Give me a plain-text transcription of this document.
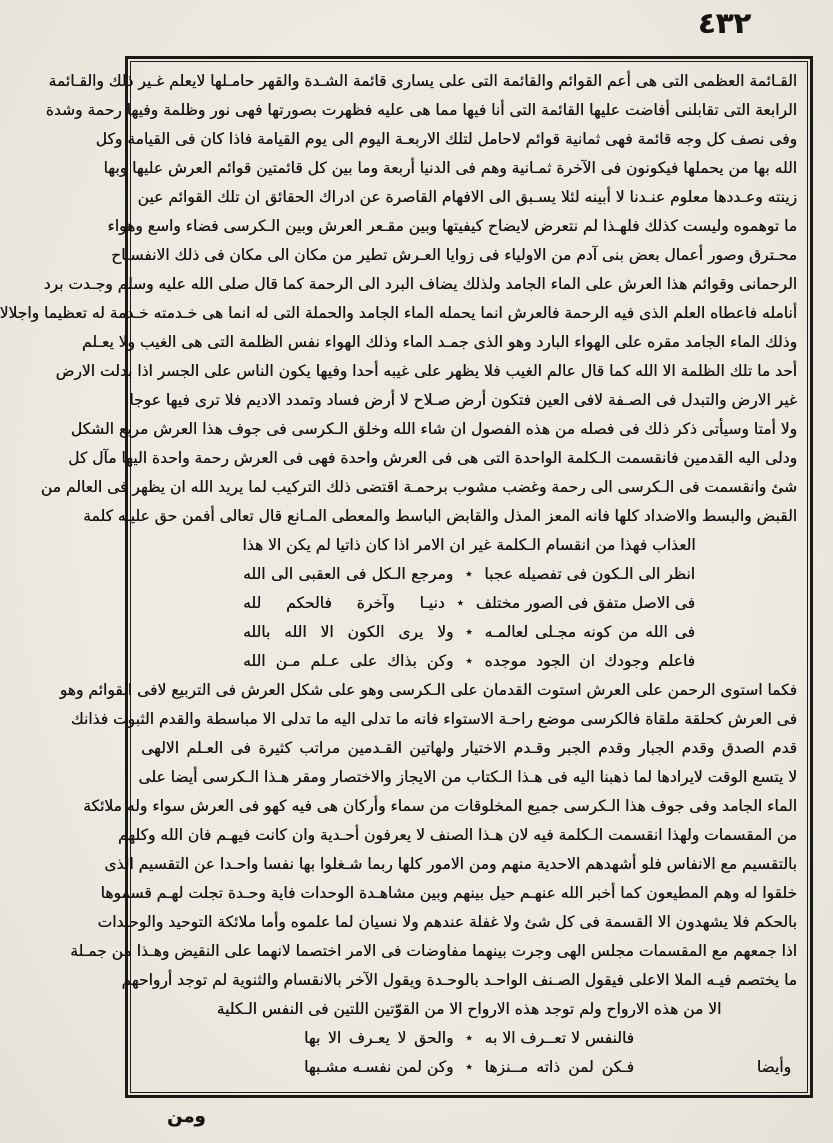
٤٣٢
القـائمة العظمى التى هى أعم القوائم والقائمة التى على يسارى قائمة الشـدة والقهر حامـلها لايعلم غـير ذلك والقـائمة
الرابعة التى تقابلنى أفاضت عليها القائمة التى أنا فيها مما هى عليه فظهرت بصورتها فهى نور وظلمة وفيها رحمة وشدة
وفى نصف كل وجه قائمة فهى ثمانية قوائم لاحامل لتلك الاربعـة اليوم الى يوم القيامة فاذا كان فى القيامة وكل
الله بها من يحملها فيكونون فى الآخرة ثمـانية وهم فى الدنيا أربعة وما بين كل قائمتين قوائم العرش عليها وبها
زينته وعـددها معلوم عنـدنا لا أبينه لئلا يسـبق الى الافهام القاصرة عن ادراك الحقائق ان تلك القوائم عين
ما توهموه وليست كذلك فلهـذا لم نتعرض لايضاح كيفيتها وبين مقـعر العرش وبين الـكرسى فضاء واسع وهواء
محـترق وصور أعمال بعض بنى آدم من الاولياء فى زوايا العـرش تطير من مكان الى مكان فى ذلك الانفسـاح
الرحمانى وقوائم هذا العرش على الماء الجامد ولذلك يضاف البرد الى الرحمة كما قال صلى الله عليه وسلم وجـدت برد
أنامله فاعطاه العلم الذى فيه الرحمة فالعرش انما يحمله الماء الجامد والحملة التى له انما هى خـدمته خـدمة له تعظيما واجلالا
وذلك الماء الجامد مقره على الهواء البارد وهو الذى جمـد الماء وذلك الهواء نفس الظلمة التى هى الغيب ولا يعـلم
أحد ما تلك الظلمة الا الله كما قال عالم الغيب فلا يظهر على غيبه أحدا وفيها يكون الناس على الجسر اذا بدلت الارض
غير الارض والتبدل فى الصـفة لافى العين فتكون أرض صـلاح لا أرض فساد وتمدد الاديم فلا ترى فيها عوجا
ولا أمتا وسيأتى ذكر ذلك فى فصله من هذه الفصول ان شاء الله وخلق الـكرسى فى جوف هذا العرش مربع الشكل
ودلى اليه القدمين فانقسمت الـكلمة الواحدة التى هى فى العرش واحدة فهى فى العرش رحمة واحدة اليها مآل كل
شئ وانقسمت فى الـكرسى الى رحمة وغضب مشوب برحمـة اقتضى ذلك التركيب لما يريد الله ان يظهر فى العالم من
القبض والبسط والاضداد كلها فانه المعز المذل والقابض الباسط والمعطى المـانع قال تعالى أفمن حق عليـه كلمة
العذاب فهذا من انقسام الـكلمة غير ان الامر اذا كان ذاتيا لم يكن الا هذا
انظر الى الـكون فى تفصيله عجبا
٭
ومرجع الـكل فى العقبى الى الله
فى الاصل متفق فى الصور مختلف
٭
دنيـا وآخرة فالحكم لله
فى الله من كونه مجـلى لعالمـه
٭
ولا يرى الكون الا الله بالله
فاعلم وجودك ان الجود موجده
٭
وكن بذاك على عـلم مـن الله
فكما استوى الرحمن على العرش استوت القدمان على الـكرسى وهو على شكل العرش فى التربيع لافى القوائم وهو
فى العرش كحلقة ملقاة فالكرسى موضع راحـة الاستواء فانه ما تدلى اليه ما تدلى الا مباسطة والقدم الثبوت فذانك
قدم الصدق وقدم الجبار وقدم الجبر وقـدم الاختيار ولهاتين القـدمين مراتب كثيرة فى العـلم الالهى
لا يتسع الوقت لايرادها لما ذهبنا اليه فى هـذا الـكتاب من الايجاز والاختصار ومقر هـذا الـكرسى أيضا على
الماء الجامد وفى جوف هذا الـكرسى جميع المخلوقات من سماء وأركان هى فيه كهو فى العرش سواء وله ملائكة
من المقسمات ولهذا انقسمت الـكلمة فيه لان هـذا الصنف لا يعرفون أحـدية وان كانت فيهـم فان الله وكلهم
بالتقسيم مع الانفاس فلو أشهدهم الاحدية منهم ومن الامور كلها ربما شـغلوا بها نفسا واحـدا عن التقسيم الذى
خلقوا له وهم المطيعون كما أخبر الله عنهـم حيل بينهم وبين مشاهـدة الوحدات فاية وحـدة تجلت لهـم قسموها
بالحكم فلا يشهدون الا القسمة فى كل شئ ولا غفلة عندهم ولا نسيان لما علموه وأما ملائكة التوحيد والوحـدات
اذا جمعهم مع المقسمات مجلس الهى وجرت بينهما مفاوضات فى الامر اختصما لانهما على النقيض وهـذا من جمـلة
ما يختصم فيـه الملا الاعلى فيقول الصـنف الواحـد بالوحـدة ويقول الآخر بالانقسام والثنوية لم توجد أرواحهم
الا من هذه الارواح ولم توجد هذه الارواح الا من القوّتين اللتين فى النفس الـكلية
فالنفس لا تعــرف الا به
٭
والحق لا يعـرف الا بها
فـكن لمن ذاته مــنزها
٭
وكن لمن نفسـه مشـبها	وأيضا
ومن
